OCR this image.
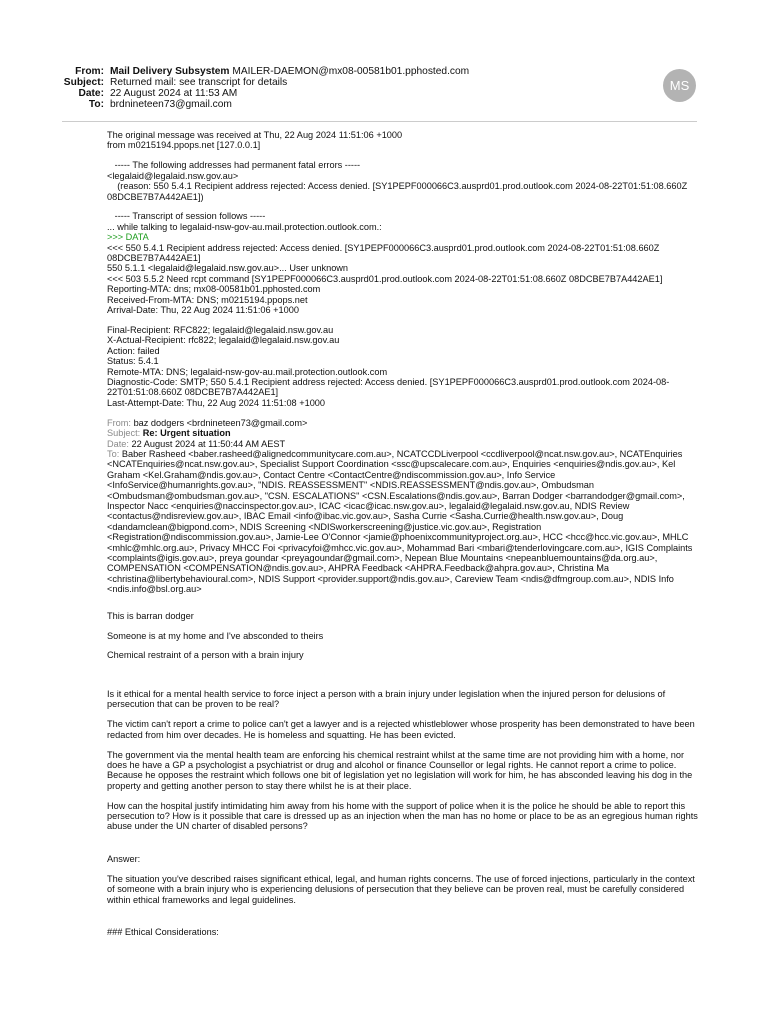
From: Mail Delivery Subsystem MAILER-DAEMON@mx08-00581b01.pphosted.com
Subject: Returned mail: see transcript for details
Date: 22 August 2024 at 11:53 AM
To: brdnineteen73@gmail.com
MS

The original message was received at Thu, 22 Aug 2024 11:51:06 +1000
from m0215194.ppops.net [127.0.0.1]

----- The following addresses had permanent fatal errors -----
<legalaid@legalaid.nsw.gov.au>
(reason: 550 5.4.1 Recipient address rejected: Access denied. [SY1PEPF000066C3.ausprd01.prod.outlook.com 2024-08-22T01:51:08.660Z 08DCBE7B7A442AE1])

----- Transcript of session follows -----
... while talking to legalaid-nsw-gov-au.mail.protection.outlook.com.:
>>> DATA
<<< 550 5.4.1 Recipient address rejected: Access denied. [SY1PEPF000066C3.ausprd01.prod.outlook.com 2024-08-22T01:51:08.660Z 08DCBE7B7A442AE1]
550 5.1.1 <legalaid@legalaid.nsw.gov.au>... User unknown
<<< 503 5.5.2 Need rcpt command [SY1PEPF000066C3.ausprd01.prod.outlook.com 2024-08-22T01:51:08.660Z 08DCBE7B7A442AE1]
Reporting-MTA: dns; mx08-00581b01.pphosted.com
Received-From-MTA: DNS; m0215194.ppops.net
Arrival-Date: Thu, 22 Aug 2024 11:51:06 +1000

Final-Recipient: RFC822; legalaid@legalaid.nsw.gov.au
X-Actual-Recipient: rfc822; legalaid@legalaid.nsw.gov.au
Action: failed
Status: 5.4.1
Remote-MTA: DNS; legalaid-nsw-gov-au.mail.protection.outlook.com
Diagnostic-Code: SMTP; 550 5.4.1 Recipient address rejected: Access denied. [SY1PEPF000066C3.ausprd01.prod.outlook.com 2024-08-22T01:51:08.660Z 08DCBE7B7A442AE1]
Last-Attempt-Date: Thu, 22 Aug 2024 11:51:08 +1000

From: baz dodgers <brdnineteen73@gmail.com>
Subject: Re: Urgent situation
Date: 22 August 2024 at 11:50:44 AM AEST
To: Baber Rasheed <baber.rasheed@alignedcommunitycare.com.au>, NCATCCDLiverpool <ccdliverpool@ncat.nsw.gov.au>, NCATEnquiries <NCATEnquiries@ncat.nsw.gov.au>, Specialist Support Coordination <ssc@upscalecare.com.au>, Enquiries <enquiries@ndis.gov.au>, Kel Graham <Kel.Graham@ndis.gov.au>, Contact Centre <ContactCentre@ndiscommission.gov.au>, Info Service <InfoService@humanrights.gov.au>, "NDIS. REASSESSMENT" <NDIS.REASSESSMENT@ndis.gov.au>, Ombudsman <Ombudsman@ombudsman.gov.au>, "CSN. ESCALATIONS" <CSN.Escalations@ndis.gov.au>, Barran Dodger <barrandodger@gmail.com>, Inspector Nacc <enquiries@naccinspector.gov.au>, ICAC <icac@icac.nsw.gov.au>, legalaid@legalaid.nsw.gov.au, NDIS Review <contactus@ndisreview.gov.au>, IBAC Email <info@ibac.vic.gov.au>, Sasha Currie <Sasha.Currie@health.nsw.gov.au>, Doug <dandamclean@bigpond.com>, NDIS Screening <NDISworkerscreening@justice.vic.gov.au>, Registration <Registration@ndiscommission.gov.au>, Jamie-Lee O'Connor <jamie@phoenixcommunityproject.org.au>, HCC <hcc@hcc.vic.gov.au>, MHLC <mhlc@mhlc.org.au>, Privacy MHCC Foi <privacyfoi@mhcc.vic.gov.au>, Mohammad Bari <mbari@tenderlovingcare.com.au>, IGIS Complaints <complaints@igis.gov.au>, preya goundar <preyagoundar@gmail.com>, Nepean Blue Mountains <nepeanbluemountains@da.org.au>, COMPENSATION <COMPENSATION@ndis.gov.au>, AHPRA Feedback <AHPRA.Feedback@ahpra.gov.au>, Christina Ma <christina@libertybehavioural.com>, NDIS Support <provider.support@ndis.gov.au>, Careview Team <ndis@dfmgroup.com.au>, NDIS Info <ndis.info@bsl.org.au>

This is barran dodger

Someone is at my home and I've absconded to theirs

Chemical restraint of a person with a brain injury

Is it ethical for a mental health service to force inject a person with a brain injury under legislation when the injured person for delusions of persecution that can be proven to be real?

The victim can't report a crime to police can't get a lawyer and is a rejected whistleblower whose prosperity has been demonstrated to have been redacted from him over decades. He is homeless and squatting. He has been evicted.

The government via the mental health team are enforcing his chemical restraint whilst at the same time are not providing him with a home, nor does he have a GP a psychologist a psychiatrist or drug and alcohol or finance Counsellor or legal rights. He cannot report a crime to police. Because he opposes the restraint which follows one bit of legislation yet no legislation will work for him, he has absconded leaving his dog in the property and getting another person to stay there whilst he is at their place.

How can the hospital justify intimidating him away from his home with the support of police when it is the police he should be able to report this persecution to? How is it possible that care is dressed up as an injection when the man has no home or place to be as an egregious human rights abuse under the UN charter of disabled persons?

Answer:

The situation you've described raises significant ethical, legal, and human rights concerns. The use of forced injections, particularly in the context of someone with a brain injury who is experiencing delusions of persecution that they believe can be proven real, must be carefully considered within ethical frameworks and legal guidelines.

### Ethical Considerations:
